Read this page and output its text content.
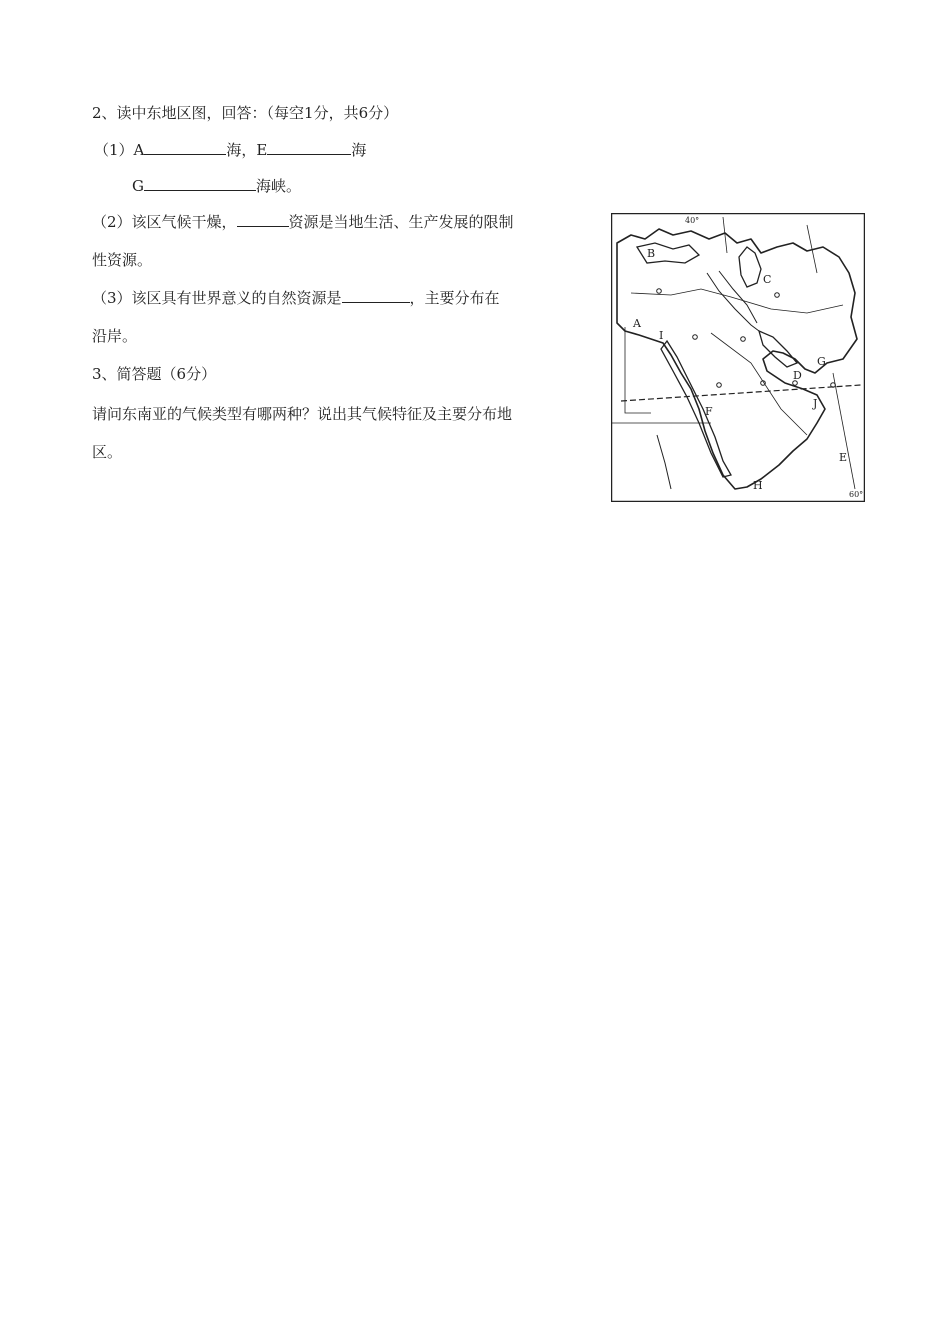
2、读中东地区图，回答：（每空1分，共6分）
（1）A	海，E	海
G	海峡。
（2）该区气候干燥，	资源是当地生活、生产发展的限制
性资源。
（3）该区具有世界意义的自然资源是	，主要分布在
沿岸。
3、简答题（6分）
请问东南亚的气候类型有哪两种？说出其气候特征及主要分布地
区。
40°
60°
A
B
C
D
E
F
G
H
I
J
